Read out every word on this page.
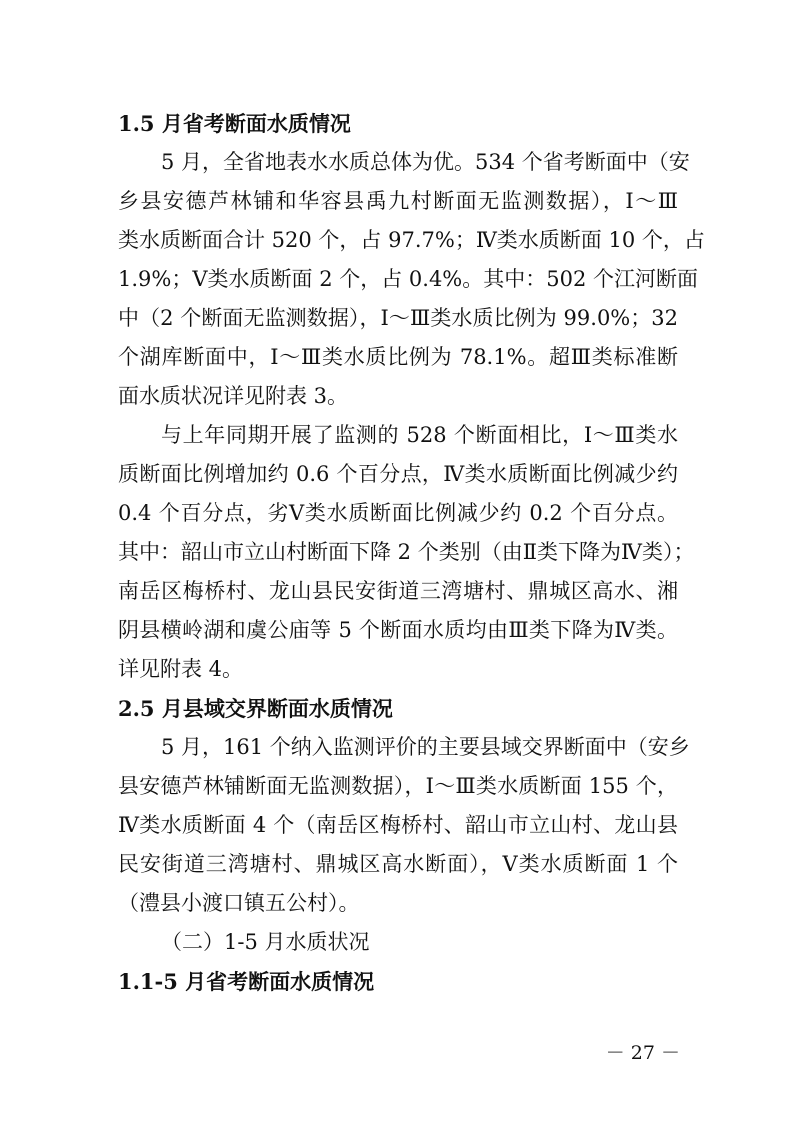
1.5 月省考断面水质情况
5 月，全省地表水水质总体为优。534 个省考断面中（安
乡县安德芦林铺和华容县禹九村断面无监测数据），Ⅰ～Ⅲ
类水质断面合计 520 个，占 97.7%；Ⅳ类水质断面 10 个，占
1.9%；Ⅴ类水质断面 2 个，占 0.4%。其中：502 个江河断面
中（2 个断面无监测数据），Ⅰ～Ⅲ类水质比例为 99.0%；32
个湖库断面中，Ⅰ～Ⅲ类水质比例为 78.1%。超Ⅲ类标准断
面水质状况详见附表 3。
与上年同期开展了监测的 528 个断面相比，Ⅰ～Ⅲ类水
质断面比例增加约 0.6 个百分点，Ⅳ类水质断面比例减少约
0.4 个百分点，劣Ⅴ类水质断面比例减少约 0.2 个百分点。
其中：韶山市立山村断面下降 2 个类别（由Ⅱ类下降为Ⅳ类）；
南岳区梅桥村、龙山县民安街道三湾塘村、鼎城区高水、湘
阴县横岭湖和虞公庙等 5 个断面水质均由Ⅲ类下降为Ⅳ类。
详见附表 4。
2.5 月县域交界断面水质情况
5 月，161 个纳入监测评价的主要县域交界断面中（安乡
县安德芦林铺断面无监测数据），Ⅰ～Ⅲ类水质断面 155 个，
Ⅳ类水质断面 4 个（南岳区梅桥村、韶山市立山村、龙山县
民安街道三湾塘村、鼎城区高水断面），Ⅴ类水质断面 1 个
（澧县小渡口镇五公村）。
（二）1-5 月水质状况
1.1-5 月省考断面水质情况
－ 27 －
